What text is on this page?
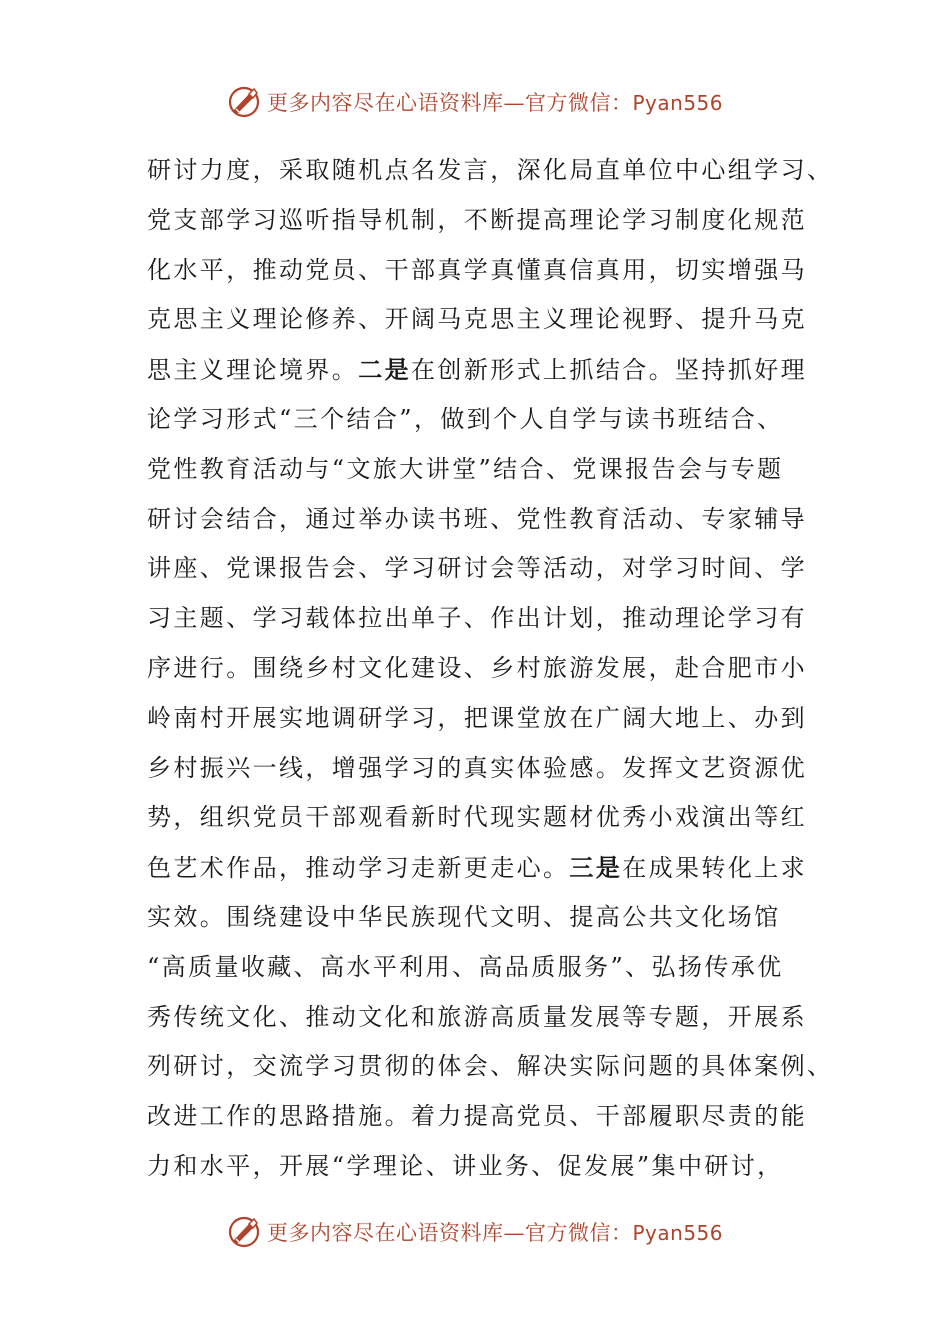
更多内容尽在心语资料库—官方微信：Pyan556
研讨力度，采取随机点名发言，深化局直单位中心组学习、
党支部学习巡听指导机制，不断提高理论学习制度化规范
化水平，推动党员、干部真学真懂真信真用，切实增强马
克思主义理论修养、开阔马克思主义理论视野、提升马克
思主义理论境界。二是在创新形式上抓结合。坚持抓好理
论学习形式“三个结合”，做到个人自学与读书班结合、
党性教育活动与“文旅大讲堂”结合、党课报告会与专题
研讨会结合，通过举办读书班、党性教育活动、专家辅导
讲座、党课报告会、学习研讨会等活动，对学习时间、学
习主题、学习载体拉出单子、作出计划，推动理论学习有
序进行。围绕乡村文化建设、乡村旅游发展，赴合肥市小
岭南村开展实地调研学习，把课堂放在广阔大地上、办到
乡村振兴一线，增强学习的真实体验感。发挥文艺资源优
势，组织党员干部观看新时代现实题材优秀小戏演出等红
色艺术作品，推动学习走新更走心。三是在成果转化上求
实效。围绕建设中华民族现代文明、提高公共文化场馆
“高质量收藏、高水平利用、高品质服务”、弘扬传承优
秀传统文化、推动文化和旅游高质量发展等专题，开展系
列研讨，交流学习贯彻的体会、解决实际问题的具体案例、
改进工作的思路措施。着力提高党员、干部履职尽责的能
力和水平，开展“学理论、讲业务、促发展”集中研讨，
更多内容尽在心语资料库—官方微信：Pyan556
